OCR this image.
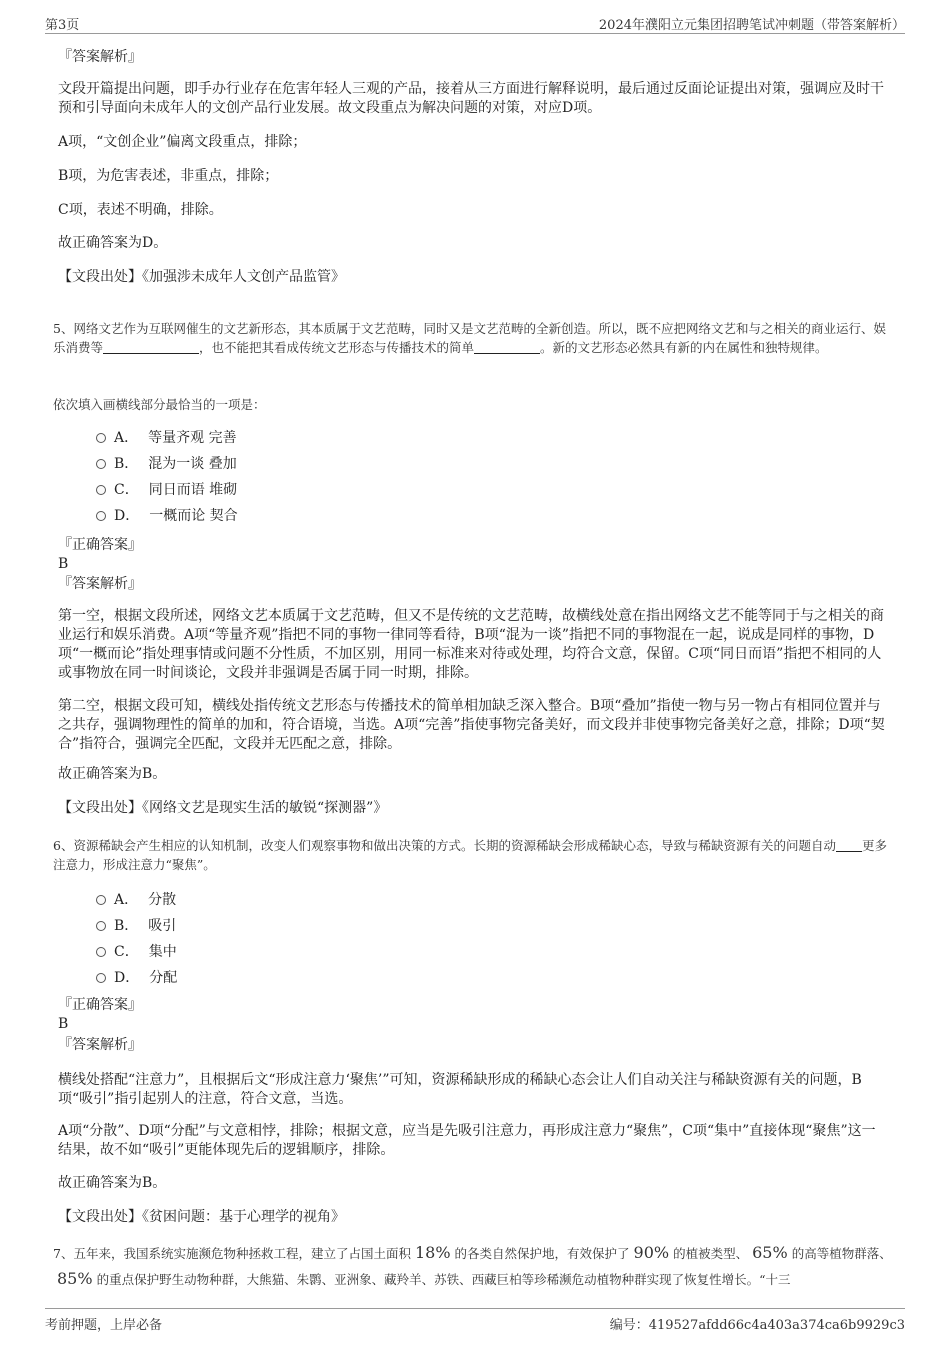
第3页	2024年濮阳立元集团招聘笔试冲刺题（带答案解析）
『答案解析』
文段开篇提出问题，即手办行业存在危害年轻人三观的产品，接着从三方面进行解释说明，最后通过反面论证提出对策，强调应及时干预和引导面向未成年人的文创产品行业发展。故文段重点为解决问题的对策，对应D项。
A项，“文创企业”偏离文段重点，排除；
B项，为危害表述，非重点，排除；
C项，表述不明确，排除。
故正确答案为D。
【文段出处】《加强涉未成年人文创产品监管》
5、网络文艺作为互联网催生的文艺新形态，其本质属于文艺范畴，同时又是文艺范畴的全新创造。所以，既不应把网络文艺和与之相关的商业运行、娱乐消费等	，也不能把其看成传统文艺形态与传播技术的简单	。新的文艺形态必然具有新的内在属性和独特规律。
依次填入画横线部分最恰当的一项是：
A． 等量齐观 完善
B． 混为一谈 叠加
C． 同日而语 堆砌
D． 一概而论 契合
『正确答案』
B
『答案解析』
第一空，根据文段所述，网络文艺本质属于文艺范畴，但又不是传统的文艺范畴，故横线处意在指出网络文艺不能等同于与之相关的商业运行和娱乐消费。A项“等量齐观”指把不同的事物一律同等看待，B项“混为一谈”指把不同的事物混在一起，说成是同样的事物，D项“一概而论”指处理事情或问题不分性质，不加区别，用同一标准来对待或处理，均符合文意，保留。C项“同日而语”指把不相同的人或事物放在同一时间谈论，文段并非强调是否属于同一时期，排除。
第二空，根据文段可知，横线处指传统文艺形态与传播技术的简单相加缺乏深入整合。B项“叠加”指使一物与另一物占有相同位置并与之共存，强调物理性的简单的加和，符合语境，当选。A项“完善”指使事物完备美好，而文段并非使事物完备美好之意，排除；D项“契合”指符合，强调完全匹配，文段并无匹配之意，排除。
故正确答案为B。
【文段出处】《网络文艺是现实生活的敏锐“探测器”》
6、资源稀缺会产生相应的认知机制，改变人们观察事物和做出决策的方式。长期的资源稀缺会形成稀缺心态，导致与稀缺资源有关的问题自动 更多注意力，形成注意力“聚焦”。
A． 分散
B． 吸引
C． 集中
D． 分配
『正确答案』
B
『答案解析』
横线处搭配“注意力”，且根据后文“形成注意力‘聚焦’”可知，资源稀缺形成的稀缺心态会让人们自动关注与稀缺资源有关的问题，B项“吸引”指引起别人的注意，符合文意，当选。
A项“分散”、D项“分配”与文意相悖，排除；根据文意，应当是先吸引注意力，再形成注意力“聚焦”，C项“集中”直接体现“聚焦”这一结果，故不如“吸引”更能体现先后的逻辑顺序，排除。
故正确答案为B。
【文段出处】《贫困问题：基于心理学的视角》
7、五年来，我国系统实施濒危物种拯救工程，建立了占国土面积 18% 的各类自然保护地，有效保护了 90% 的植被类型、 65% 的高等植物群落、85% 的重点保护野生动物种群，大熊猫、朱鹮、亚洲象、藏羚羊、苏铁、西藏巨柏等珍稀濒危动植物种群实现了恢复性增长。“十三
考前押题，上岸必备	编号：419527afdd66c4a403a374ca6b9929c3
